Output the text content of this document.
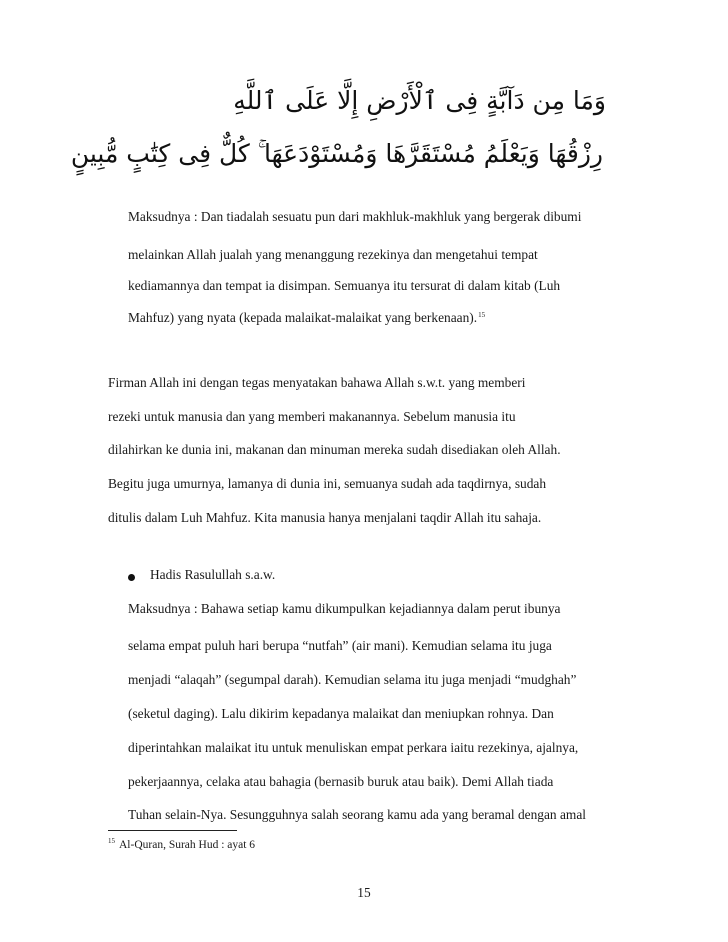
وَمَا مِن دَآبَّةٍ فِى ٱلْأَرْضِ إِلَّا عَلَى ٱللَّهِ
رِزْقُهَا وَيَعْلَمُ مُسْتَقَرَّهَا وَمُسْتَوْدَعَهَا ۚ كُلٌّ فِى كِتَٰبٍ مُّبِينٍ
Maksudnya : Dan tiadalah sesuatu pun dari makhluk-makhluk yang bergerak dibumi
melainkan Allah jualah yang menanggung rezekinya dan mengetahui tempat
kediamannya dan tempat ia disimpan. Semuanya itu tersurat di dalam kitab (Luh
Mahfuz) yang nyata (kepada malaikat-malaikat yang berkenaan).$^{15}$
Firman Allah ini dengan tegas menyatakan bahawa Allah s.w.t. yang memberi
rezeki untuk manusia dan yang memberi makanannya. Sebelum manusia itu
dilahirkan ke dunia ini, makanan dan minuman mereka sudah disediakan oleh Allah.
Begitu juga umurnya, lamanya di dunia ini, semuanya sudah ada taqdirnya, sudah
ditulis dalam Luh Mahfuz. Kita manusia hanya menjalani taqdir Allah itu sahaja.
Hadis Rasulullah s.a.w.
Maksudnya : Bahawa setiap kamu dikumpulkan kejadiannya dalam perut ibunya
selama empat puluh hari berupa “nutfah” (air mani). Kemudian selama itu juga
menjadi “alaqah” (segumpal darah). Kemudian selama itu juga menjadi “mudghah”
(seketul daging). Lalu dikirim kepadanya malaikat dan meniupkan rohnya. Dan
diperintahkan malaikat itu untuk menuliskan empat perkara iaitu rezekinya, ajalnya,
pekerjaannya, celaka atau bahagia (bernasib buruk atau baik). Demi Allah tiada
Tuhan selain-Nya. Sesungguhnya salah seorang kamu ada yang beramal dengan amal
$^{15}$ Al-Quran, Surah Hud : ayat 6
15
